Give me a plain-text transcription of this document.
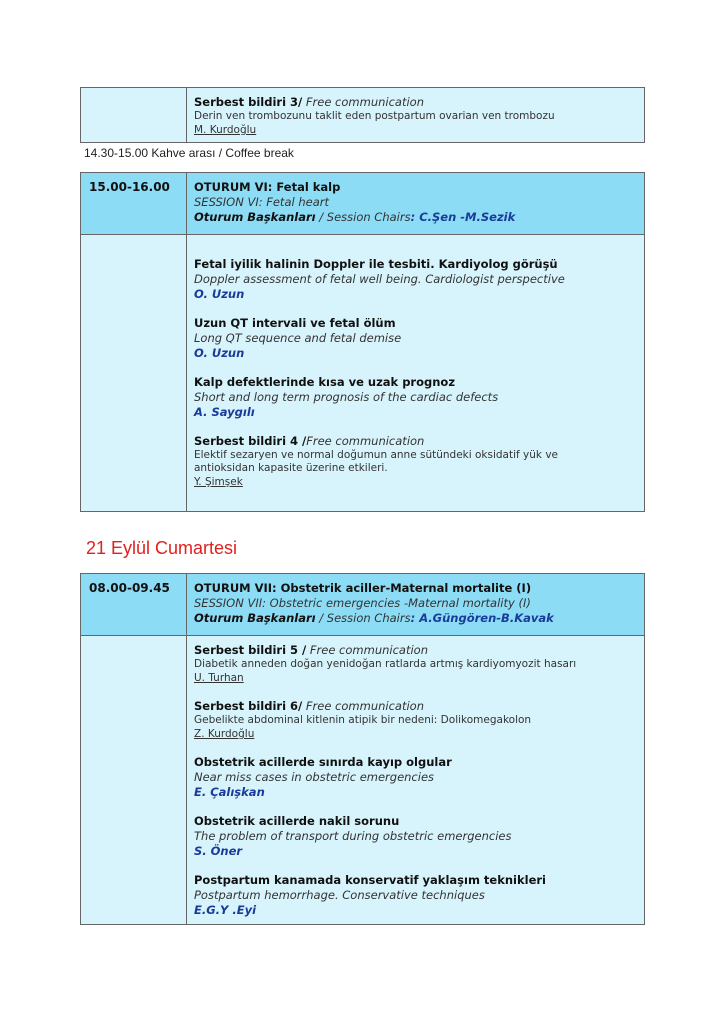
Serbest bildiri 3/ Free communication
Derin ven trombozunu taklit eden postpartum ovarian ven trombozu
M. Kurdoğlu
14.30-15.00 Kahve arası / Coffee break
15.00-16.00	OTURUM VI: Fetal kalp
SESSION VI: Fetal heart
Oturum Başkanları / Session Chairs: C.Şen -M.Sezik
Fetal iyilik halinin Doppler ile tesbiti. Kardiyolog görüşü
Doppler assessment of fetal well being. Cardiologist perspective
O. Uzun
Uzun QT intervali ve fetal ölüm
Long QT sequence and fetal demise
O. Uzun
Kalp defektlerinde kısa ve uzak prognoz
Short and long term prognosis of the cardiac defects
A. Saygılı
Serbest bildiri 4 /Free communication
Elektif sezaryen ve normal doğumun anne sütündeki oksidatif yük ve
antioksidan kapasite üzerine etkileri.
Y. Şimşek
21 Eylül Cumartesi
08.00-09.45	OTURUM VII: Obstetrik aciller-Maternal mortalite (I)
SESSION VII: Obstetric emergencies -Maternal mortality (I)
Oturum Başkanları / Session Chairs: A.Güngören-B.Kavak
Serbest bildiri 5 / Free communication
Diabetik anneden doğan yenidoğan ratlarda artmış kardiyomyozit hasarı
U. Turhan
Serbest bildiri 6/ Free communication
Gebelikte abdominal kitlenin atipik bir nedeni: Dolikomegakolon
Z. Kurdoğlu
Obstetrik acillerde sınırda kayıp olgular
Near miss cases in obstetric emergencies
E. Çalışkan
Obstetrik acillerde nakil sorunu
The problem of transport during obstetric emergencies
S. Öner
Postpartum kanamada konservatif yaklaşım teknikleri
Postpartum hemorrhage. Conservative techniques
E.G.Y .Eyi
